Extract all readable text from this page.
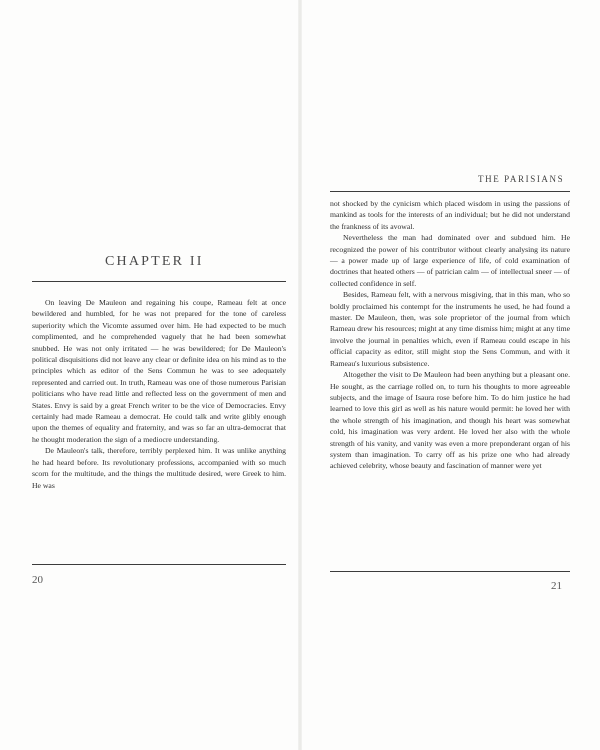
CHAPTER II

On leaving De Mauleon and regaining his coupe, Rameau felt at once bewildered and humbled, for he was not prepared for the tone of careless superiority which the Vicomte assumed over him. He had expected to be much complimented, and he comprehended vaguely that he had been somewhat snubbed. He was not only irritated — he was bewildered; for De Mauleon's political disquisitions did not leave any clear or definite idea on his mind as to the principles which as editor of the Sens Commun he was to see adequately represented and carried out. In truth, Rameau was one of those numerous Parisian politicians who have read little and reflected less on the government of men and States. Envy is said by a great French writer to be the vice of Democracies. Envy certainly had made Rameau a democrat. He could talk and write glibly enough upon the themes of equality and fraternity, and was so far an ultra-democrat that he thought moderation the sign of a mediocre understanding.

De Mauleon's talk, therefore, terribly perplexed him. It was unlike anything he had heard before. Its revolutionary professions, accompanied with so much scorn for the multitude, and the things the multitude desired, were Greek to him. He was

20
THE PARISIANS

not shocked by the cynicism which placed wisdom in using the passions of mankind as tools for the interests of an individual; but he did not understand the frankness of its avowal.

Nevertheless the man had dominated over and subdued him. He recognized the power of his contributor without clearly analysing its nature — a power made up of large experience of life, of cold examination of doctrines that heated others — of patrician calm — of intellectual sneer — of collected confidence in self.

Besides, Rameau felt, with a nervous misgiving, that in this man, who so boldly proclaimed his contempt for the instruments he used, he had found a master. De Mauleon, then, was sole proprietor of the journal from which Rameau drew his resources; might at any time dismiss him; might at any time involve the journal in penalties which, even if Rameau could escape in his official capacity as editor, still might stop the Sens Commun, and with it Rameau's luxurious subsistence.

Altogether the visit to De Mauleon had been anything but a pleasant one. He sought, as the carriage rolled on, to turn his thoughts to more agreeable subjects, and the image of Isaura rose before him. To do him justice he had learned to love this girl as well as his nature would permit: he loved her with the whole strength of his imagination, and though his heart was somewhat cold, his imagination was very ardent. He loved her also with the whole strength of his vanity, and vanity was even a more preponderant organ of his system than imagination. To carry off as his prize one who had already achieved celebrity, whose beauty and fascination of manner were yet

21
